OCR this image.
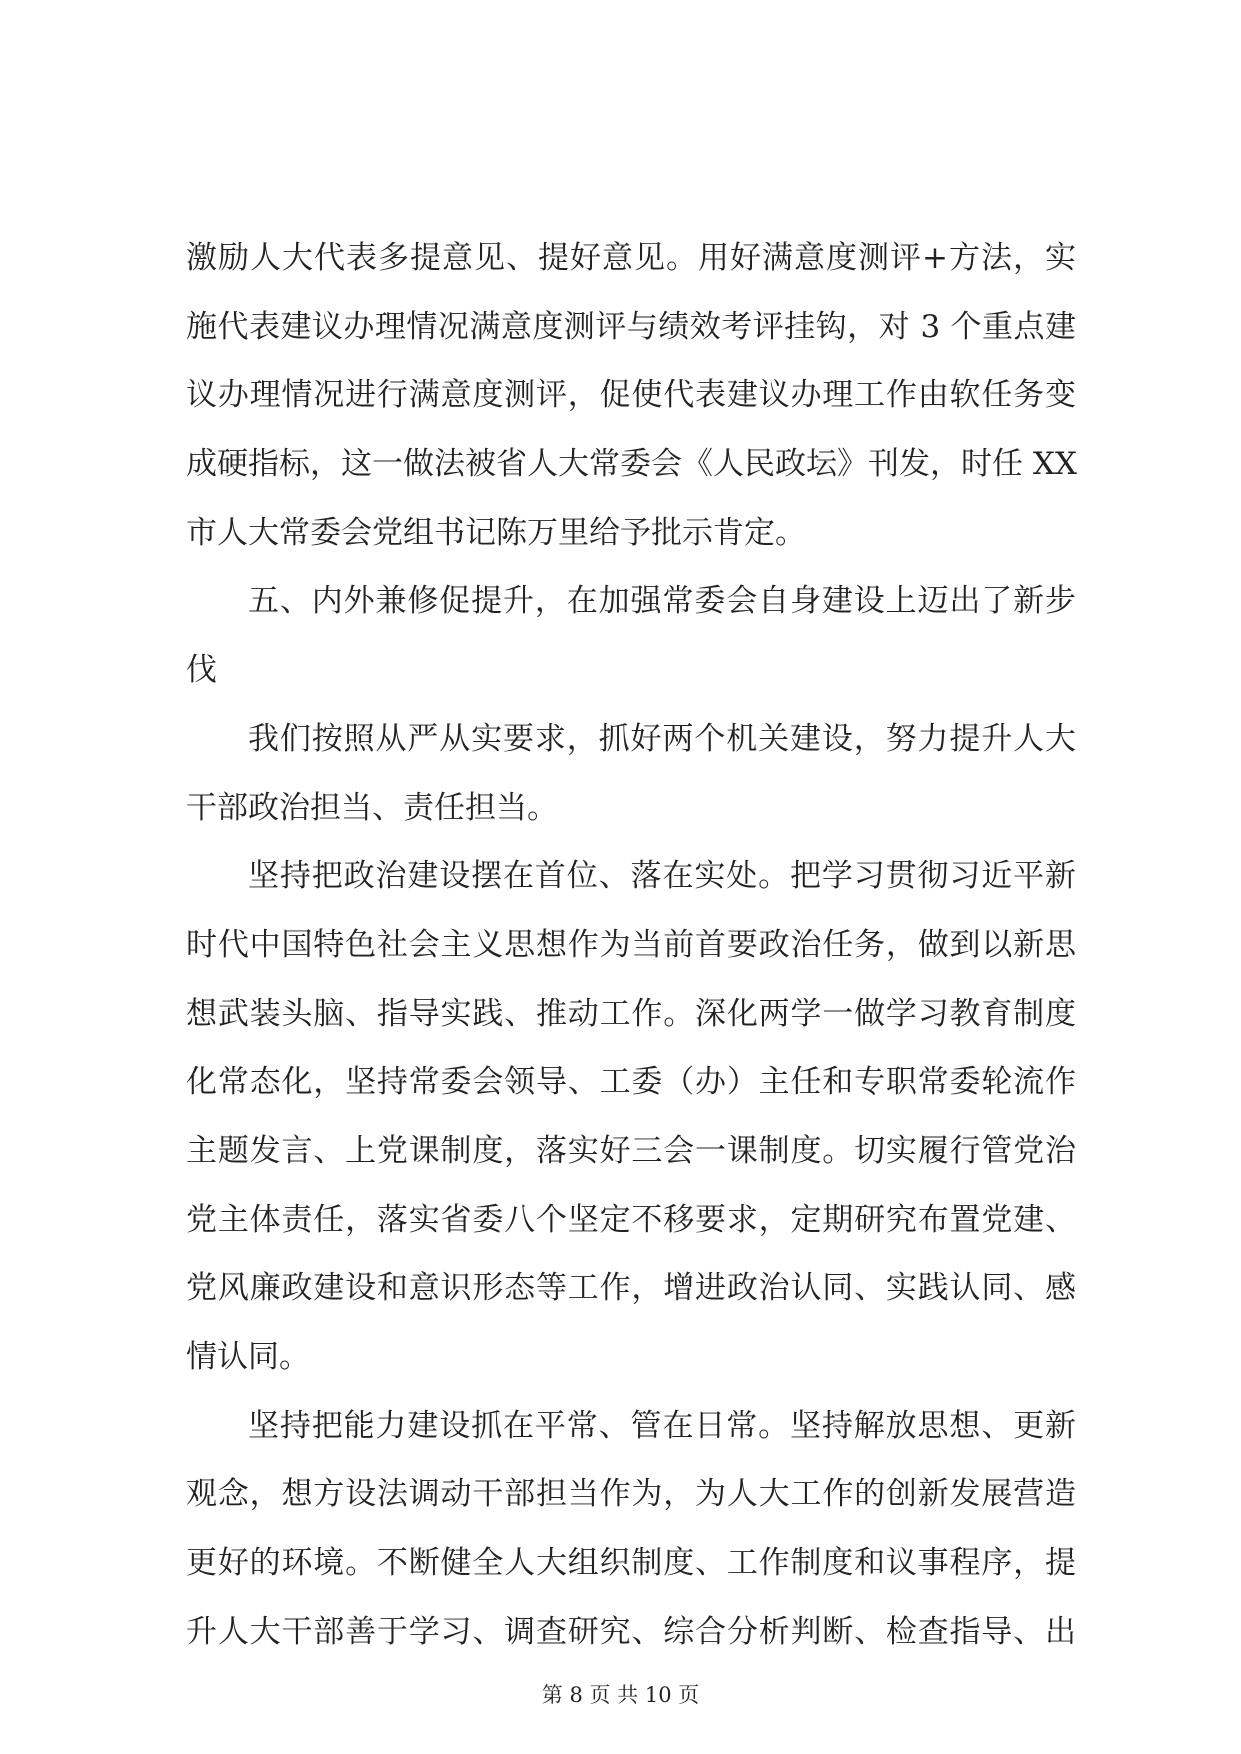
激励人大代表多提意见、提好意见。用好满意度测评+方法，实
施代表建议办理情况满意度测评与绩效考评挂钩，对 3 个重点建
议办理情况进行满意度测评，促使代表建议办理工作由软任务变
成硬指标，这一做法被省人大常委会《人民政坛》刊发，时任 XX
市人大常委会党组书记陈万里给予批示肯定。
五、内外兼修促提升，在加强常委会自身建设上迈出了新步
伐
我们按照从严从实要求，抓好两个机关建设，努力提升人大
干部政治担当、责任担当。
坚持把政治建设摆在首位、落在实处。把学习贯彻习近平新
时代中国特色社会主义思想作为当前首要政治任务，做到以新思
想武装头脑、指导实践、推动工作。深化两学一做学习教育制度
化常态化，坚持常委会领导、工委（办）主任和专职常委轮流作
主题发言、上党课制度，落实好三会一课制度。切实履行管党治
党主体责任，落实省委八个坚定不移要求，定期研究布置党建、
党风廉政建设和意识形态等工作，增进政治认同、实践认同、感
情认同。
坚持把能力建设抓在平常、管在日常。坚持解放思想、更新
观念，想方设法调动干部担当作为，为人大工作的创新发展营造
更好的环境。不断健全人大组织制度、工作制度和议事程序，提
升人大干部善于学习、调查研究、综合分析判断、检查指导、出
第 8 页 共 10 页
